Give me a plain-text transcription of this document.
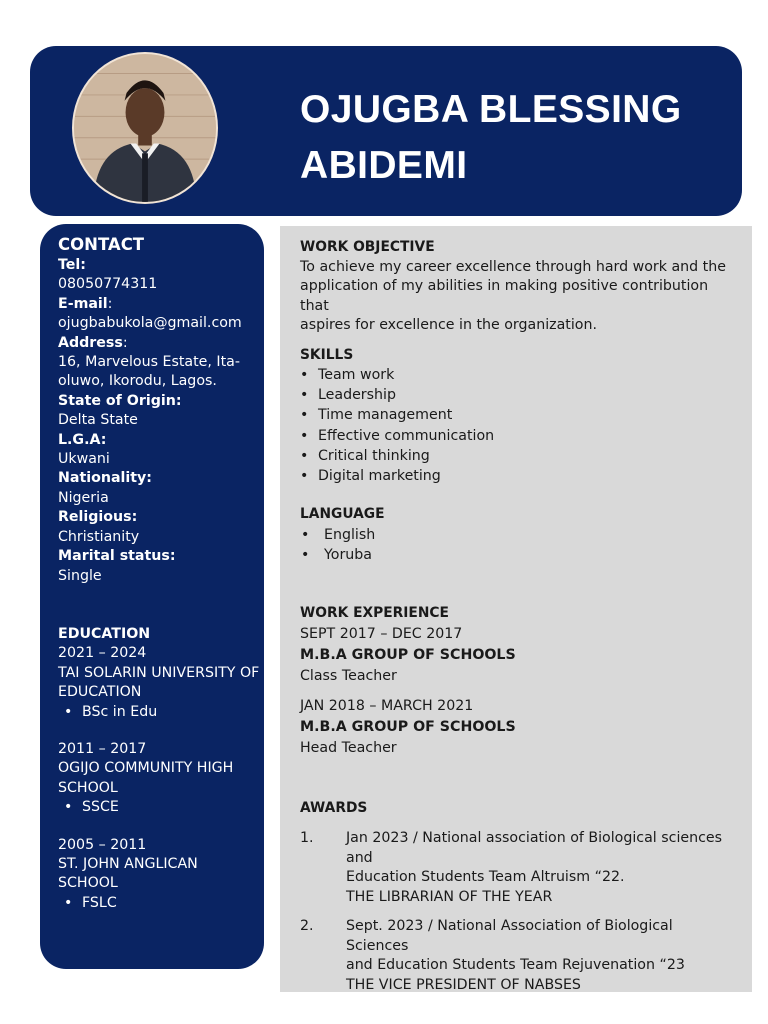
OJUGBA BLESSING
ABIDEMI
CONTACT
Tel:
08050774311
E-mail:
ojugbabukola@gmail.com
Address:
16, Marvelous Estate, Ita-
oluwo, Ikorodu, Lagos.
State of Origin:
Delta State
L.G.A:
Ukwani
Nationality:
Nigeria
Religious:
Christianity
Marital status:
Single
EDUCATION
2021 – 2024
TAI SOLARIN UNIVERSITY OF
EDUCATION
• BSc in Edu
2011 – 2017
OGIJO COMMUNITY HIGH
SCHOOL
• SSCE
2005 – 2011
ST. JOHN ANGLICAN
SCHOOL
• FSLC
WORK OBJECTIVE
To achieve my career excellence through hard work and the
application of my abilities in making positive contribution that
aspires for excellence in the organization.
SKILLS
• Team work
• Leadership
• Time management
• Effective communication
• Critical thinking
• Digital marketing
LANGUAGE
•	English
•	Yoruba
WORK EXPERIENCE
SEPT 2017 – DEC 2017
M.B.A GROUP OF SCHOOLS
Class Teacher
JAN 2018 – MARCH 2021
M.B.A GROUP OF SCHOOLS
Head Teacher
AWARDS
1.	Jan 2023 / National association of Biological sciences and
Education Students Team Altruism “22.
THE LIBRARIAN OF THE YEAR
2.	Sept. 2023 / National Association of Biological Sciences
and Education Students Team Rejuvenation “23
THE VICE PRESIDENT OF NABSES
